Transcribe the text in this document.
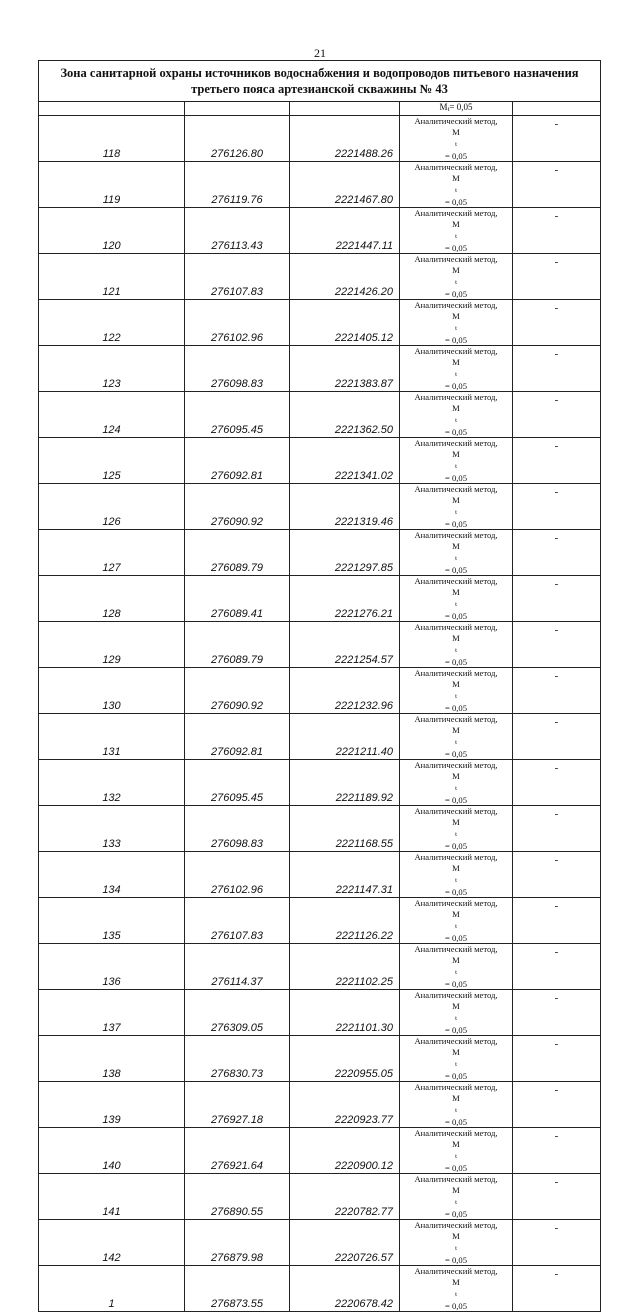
21
Зона санитарной охраны источников водоснабжения и водопроводов питьевого назначения третьего пояса артезианской скважины № 43				
			$M_t= 0,05$	
118	276126.80	2221488.26	Аналитический метод,
M
$_t$
= 0,05	-
119	276119.76	2221467.80	Аналитический метод,
M
$_t$
= 0,05	-
120	276113.43	2221447.11	Аналитический метод,
M
$_t$
= 0,05	-
121	276107.83	2221426.20	Аналитический метод,
M
$_t$
= 0,05	-
122	276102.96	2221405.12	Аналитический метод,
M
$_t$
= 0,05	-
123	276098.83	2221383.87	Аналитический метод,
M
$_t$
= 0,05	-
124	276095.45	2221362.50	Аналитический метод,
M
$_t$
= 0,05	-
125	276092.81	2221341.02	Аналитический метод,
M
$_t$
= 0,05	-
126	276090.92	2221319.46	Аналитический метод,
M
$_t$
= 0,05	-
127	276089.79	2221297.85	Аналитический метод,
M
$_t$
= 0,05	-
128	276089.41	2221276.21	Аналитический метод,
M
$_t$
= 0,05	-
129	276089.79	2221254.57	Аналитический метод,
M
$_t$
= 0,05	-
130	276090.92	2221232.96	Аналитический метод,
M
$_t$
= 0,05	-
131	276092.81	2221211.40	Аналитический метод,
M
$_t$
= 0,05	-
132	276095.45	2221189.92	Аналитический метод,
M
$_t$
= 0,05	-
133	276098.83	2221168.55	Аналитический метод,
M
$_t$
= 0,05	-
134	276102.96	2221147.31	Аналитический метод,
M
$_t$
= 0,05	-
135	276107.83	2221126.22	Аналитический метод,
M
$_t$
= 0,05	-
136	276114.37	2221102.25	Аналитический метод,
M
$_t$
= 0,05	-
137	276309.05	2221101.30	Аналитический метод,
M
$_t$
= 0,05	-
138	276830.73	2220955.05	Аналитический метод,
M
$_t$
= 0,05	-
139	276927.18	2220923.77	Аналитический метод,
M
$_t$
= 0,05	-
140	276921.64	2220900.12	Аналитический метод,
M
$_t$
= 0,05	-
141	276890.55	2220782.77	Аналитический метод,
M
$_t$
= 0,05	-
142	276879.98	2220726.57	Аналитический метод,
M
$_t$
= 0,05	-
1	276873.55	2220678.42	Аналитический метод,
M
$_t$
= 0,05	-
